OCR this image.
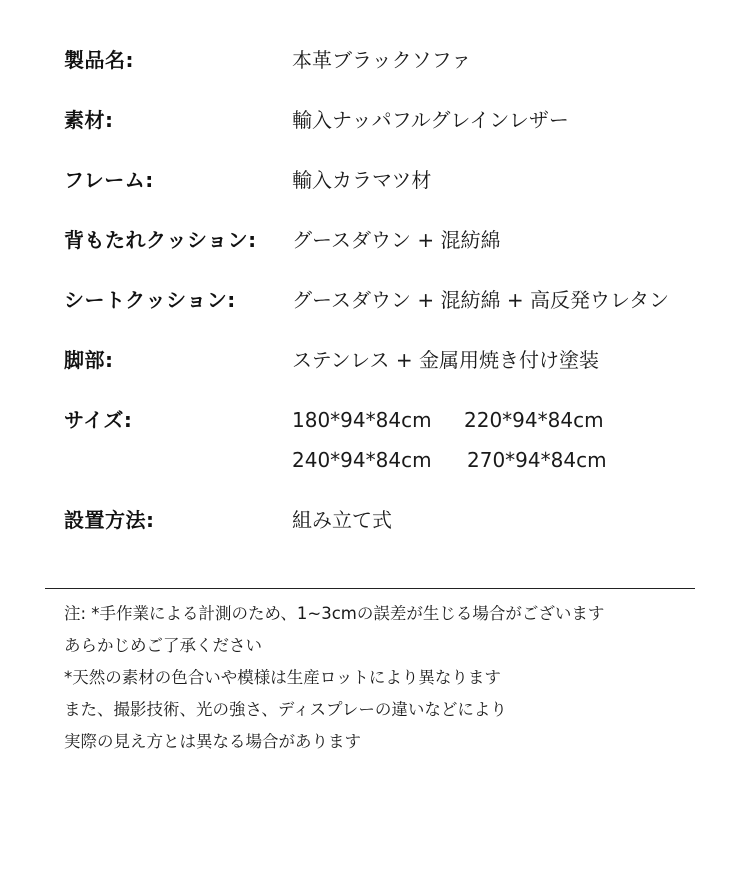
製品名:	本革ブラックソファ
素材:	輸入ナッパフルグレインレザー
フレーム:	輸入カラマツ材
背もたれクッション: グースダウン + 混紡綿
シートクッション:	グースダウン + 混紡綿 + 高反発ウレタン
脚部:	ステンレス + 金属用焼き付け塗装
サイズ:	180*94*84cm 220*94*84cm
240*94*84cm 270*94*84cm
設置方法:	組み立て式
注: *手作業による計測のため、1~3cmの誤差が生じる場合がございます
あらかじめご了承ください
*天然の素材の色合いや模様は生産ロットにより異なります
また、撮影技術、光の強さ、ディスプレーの違いなどにより
実際の見え方とは異なる場合があります
